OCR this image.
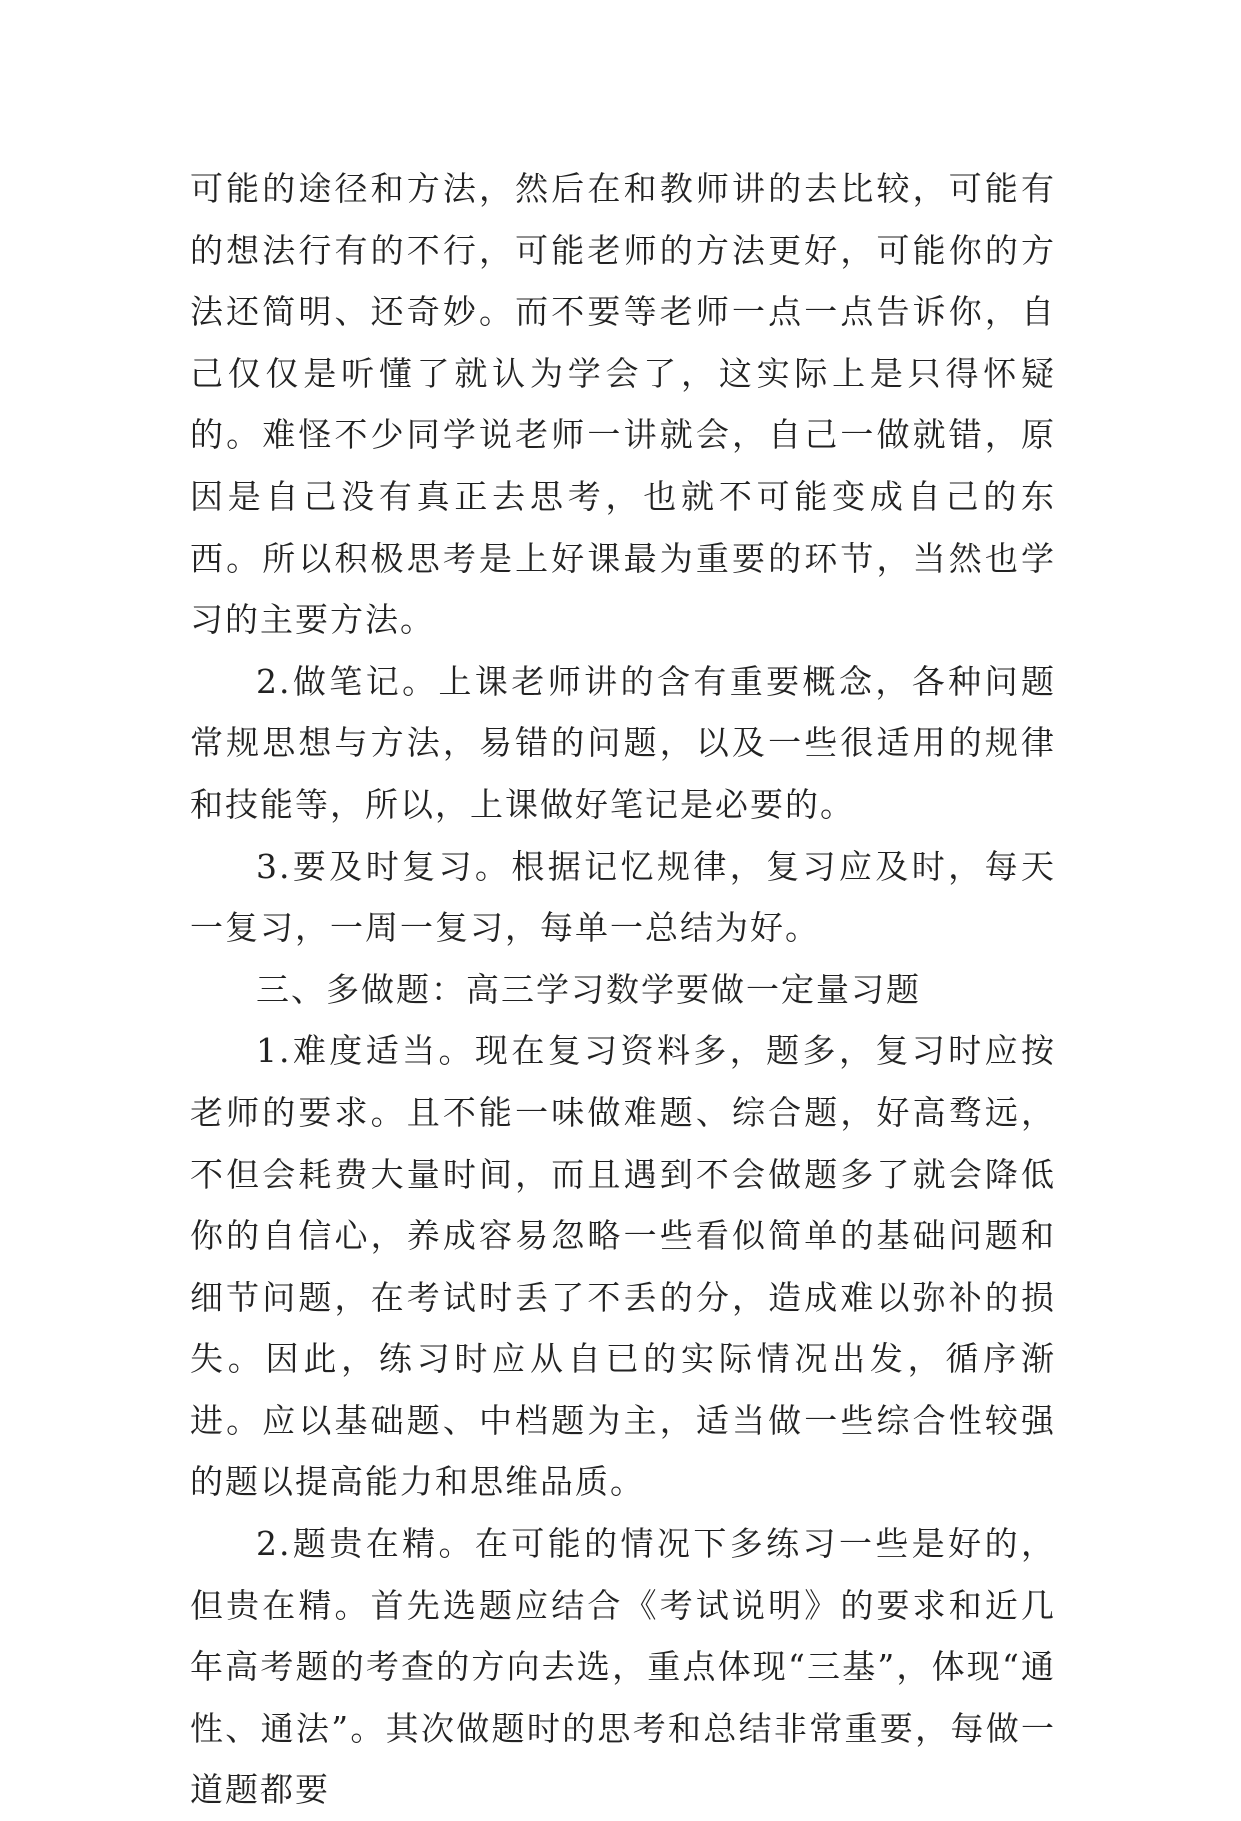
可能的途径和方法，然后在和教师讲的去比较，可能有的想法行有的不行，可能老师的方法更好，可能你的方法还简明、还奇妙。而不要等老师一点一点告诉你，自己仅仅是听懂了就认为学会了，这实际上是只得怀疑的。难怪不少同学说老师一讲就会，自己一做就错，原因是自己没有真正去思考，也就不可能变成自己的东西。所以积极思考是上好课最为重要的环节，当然也学习的主要方法。

2.做笔记。上课老师讲的含有重要概念，各种问题常规思想与方法，易错的问题，以及一些很适用的规律和技能等，所以，上课做好笔记是必要的。

3.要及时复习。根据记忆规律，复习应及时，每天一复习，一周一复习，每单一总结为好。

三、多做题：高三学习数学要做一定量习题

1.难度适当。现在复习资料多，题多，复习时应按老师的要求。且不能一味做难题、综合题，好高骛远，不但会耗费大量时间，而且遇到不会做题多了就会降低你的自信心，养成容易忽略一些看似简单的基础问题和细节问题，在考试时丢了不丢的分，造成难以弥补的损失。因此，练习时应从自已的实际情况出发，循序渐进。应以基础题、中档题为主，适当做一些综合性较强的题以提高能力和思维品质。

2.题贵在精。在可能的情况下多练习一些是好的，但贵在精。首先选题应结合《考试说明》的要求和近几年高考题的考查的方向去选，重点体现“三基”，体现“通性、通法”。其次做题时的思考和总结非常重要，每做一道题都要
